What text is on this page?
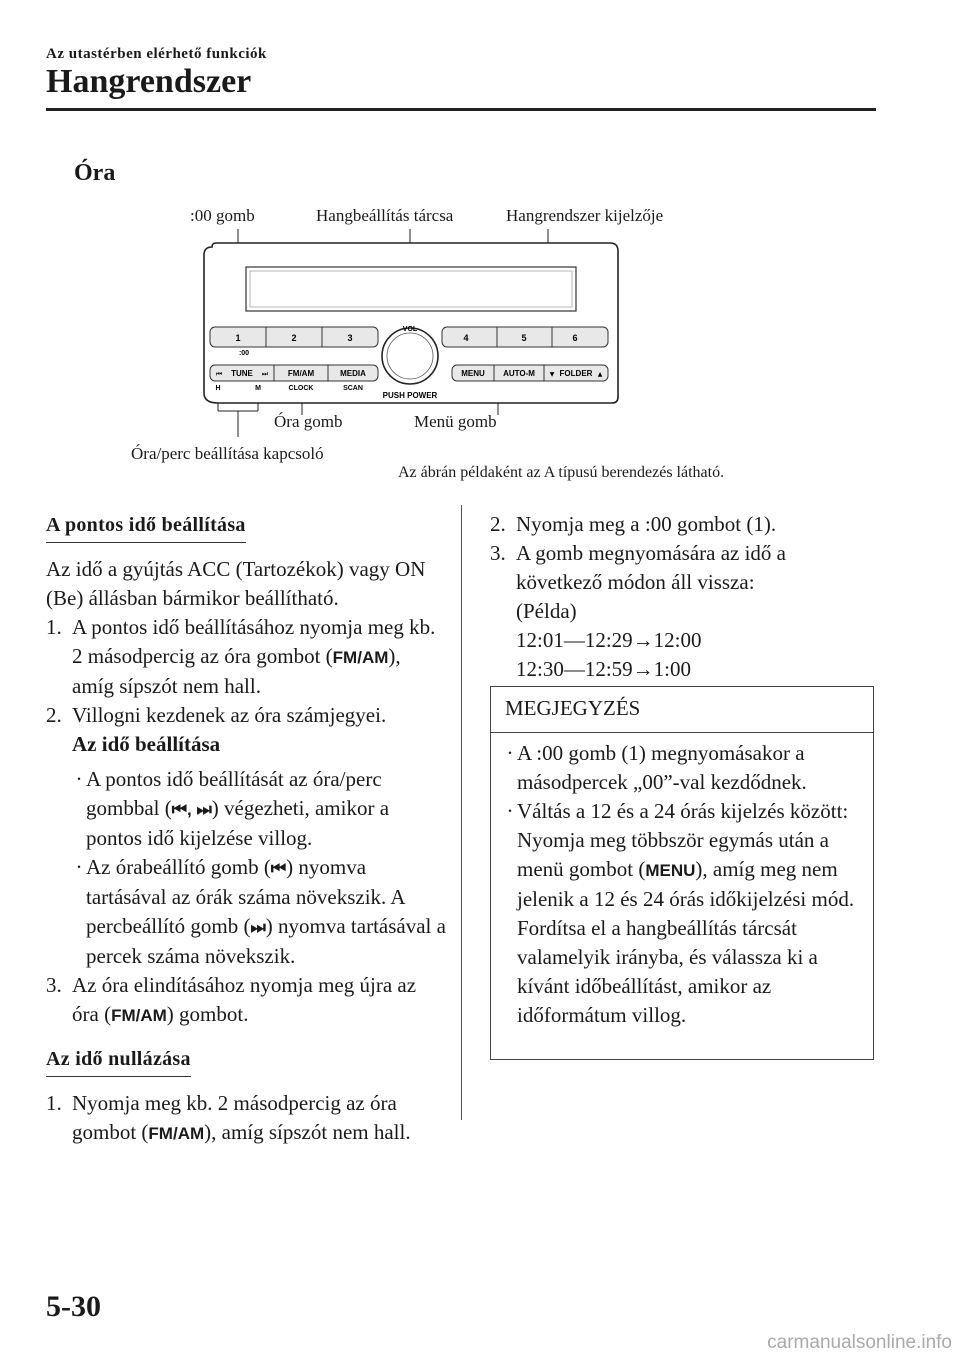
Az utastérben elérhető funkciók
Hangrendszer
Óra
:00 gomb	Hangbeállítás tárcsa	Hangrendszer kijelzője
Óra gomb	Menü gomb
Óra/perc beállítása kapcsoló
Az ábrán példaként az A típusú berendezés látható.
1	2	3
:00
4	5	6
VOL
PUSH POWER
TUNE
⏮	⏭
H	M
FM/AM
CLOCK
MEDIA
SCAN
MENU AUTO-M	FOLDER
▼	▲

A pontos idő beállítása

Az idő a gyújtás ACC (Tartozékok) vagy ON (Be) állásban bármikor beállítható.

1. A pontos idő beállításához nyomja meg kb. 2 másodpercig az óra gombot (FM/AM), amíg sípszót nem hall.
2. Villogni kezdenek az óra számjegyei.
Az idő beállítása
· A pontos idő beállítását az óra/perc gombbal (⏮, ⏭) végezheti, amikor a pontos idő kijelzése villog.
· Az órabeállító gomb (⏮) nyomva tartásával az órák száma növekszik. A percbeállító gomb (⏭) nyomva tartásával a percek száma növekszik.
3. Az óra elindításához nyomja meg újra az óra (FM/AM) gombot.

Az idő nullázása

1. Nyomja meg kb. 2 másodpercig az óra gombot (FM/AM), amíg sípszót nem hall.
2. Nyomja meg a :00 gombot (1).
3. A gomb megnyomására az idő a következő módon áll vissza:
(Példa)
12:01―12:29→12:00
12:30―12:59→1:00
MEGJEGYZÉS
· A :00 gomb (1) megnyomásakor a másodpercek „00”-val kezdődnek.
· Váltás a 12 és a 24 órás kijelzés között:
Nyomja meg többször egymás után a menü gombot (MENU), amíg meg nem jelenik a 12 és 24 órás időkijelzési mód. Fordítsa el a hangbeállítás tárcsát valamelyik irányba, és válassza ki a kívánt időbeállítást, amikor az időformátum villog.
5-30
carmanualsonline.info
